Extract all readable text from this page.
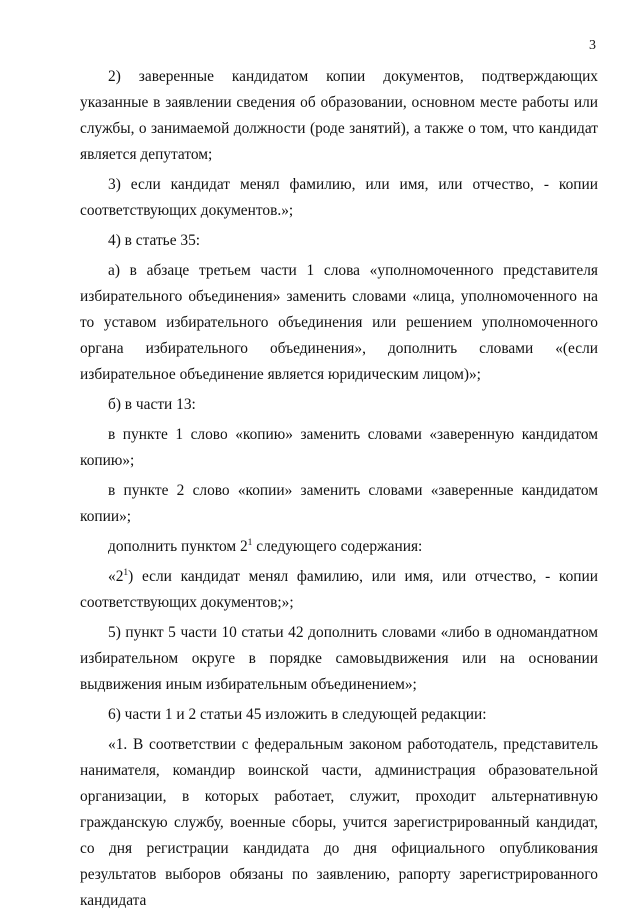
3

2) заверенные кандидатом копии документов, подтверждающих указанные в заявлении сведения об образовании, основном месте работы или службы, о занимаемой должности (роде занятий), а также о том, что кандидат является депутатом;

3) если кандидат менял фамилию, или имя, или отчество, - копии соответствующих документов.»;

4) в статье 35:

а) в абзаце третьем части 1 слова «уполномоченного представителя избирательного объединения» заменить словами «лица, уполномоченного на то уставом избирательного объединения или решением уполномоченного органа избирательного объединения», дополнить словами «(если избирательное объединение является юридическим лицом)»;

б) в части 13:

в пункте 1 слово «копию» заменить словами «заверенную кандидатом копию»;

в пункте 2 слово «копии» заменить словами «заверенные кандидатом копии»;

дополнить пунктом $2^1$ следующего содержания:

«$2^1$) если кандидат менял фамилию, или имя, или отчество, - копии соответствующих документов;»;

5) пункт 5 части 10 статьи 42 дополнить словами «либо в одномандатном избирательном округе в порядке самовыдвижения или на основании выдвижения иным избирательным объединением»;

6) части 1 и 2 статьи 45 изложить в следующей редакции:

«1. В соответствии с федеральным законом работодатель, представитель нанимателя, командир воинской части, администрация образовательной организации, в которых работает, служит, проходит альтернативную гражданскую службу, военные сборы, учится зарегистрированный кандидат, со дня регистрации кандидата до дня официального опубликования результатов выборов обязаны по заявлению, рапорту зарегистрированного кандидата
